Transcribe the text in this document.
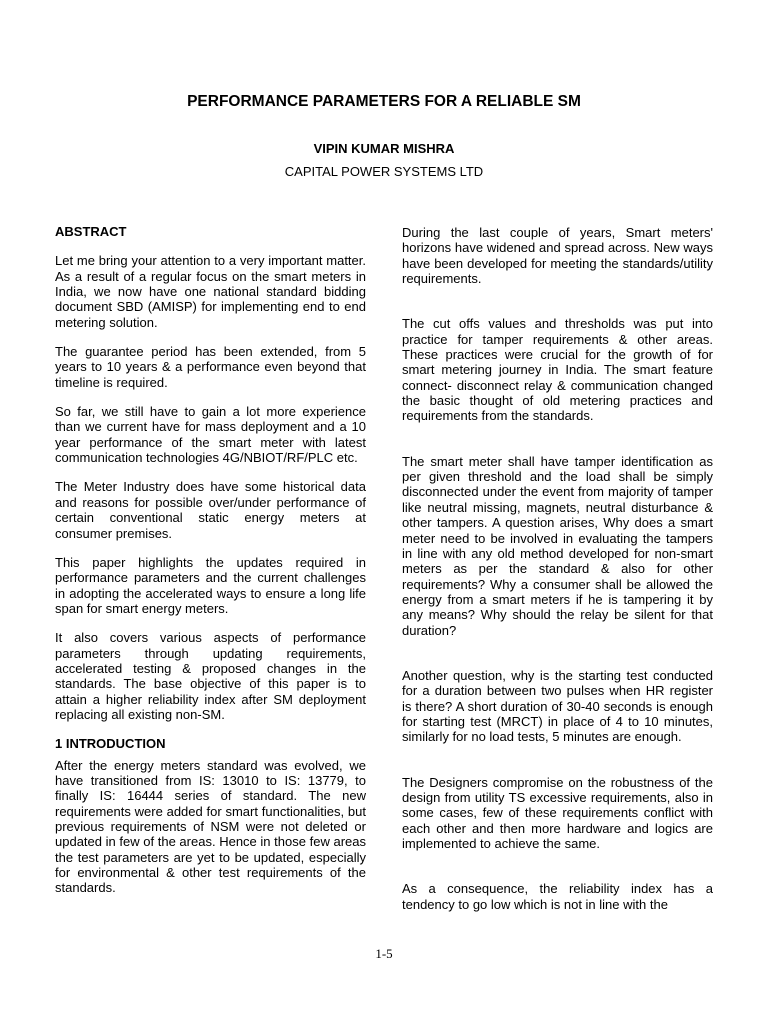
PERFORMANCE PARAMETERS FOR A RELIABLE SM
VIPIN KUMAR MISHRA
CAPITAL POWER SYSTEMS LTD
ABSTRACT

Let me bring your attention to a very important matter. As a result of a regular focus on the smart meters in India, we now have one national standard bidding document SBD (AMISP) for implementing end to end metering solution.

The guarantee period has been extended, from 5 years to 10 years & a performance even beyond that timeline is required.

So far, we still have to gain a lot more experience than we current have for mass deployment and a 10 year performance of the smart meter with latest communication technologies 4G/NBIOT/RF/PLC etc.

The Meter Industry does have some historical data and reasons for possible over/under performance of certain conventional static energy meters at consumer premises.

This paper highlights the updates required in performance parameters and the current challenges in adopting the accelerated ways to ensure a long life span for smart energy meters.

It also covers various aspects of performance parameters through updating requirements, accelerated testing & proposed changes in the standards. The base objective of this paper is to attain a higher reliability index after SM deployment replacing all existing non-SM.

1 INTRODUCTION

After the energy meters standard was evolved, we have transitioned from IS: 13010 to IS: 13779, to finally IS: 16444 series of standard. The new requirements were added for smart functionalities, but previous requirements of NSM were not deleted or updated in few of the areas. Hence in those few areas the test parameters are yet to be updated, especially for environmental & other test requirements of the standards.

During the last couple of years, Smart meters' horizons have widened and spread across. New ways have been developed for meeting the standards/utility requirements.

The cut offs values and thresholds was put into practice for tamper requirements & other areas. These practices were crucial for the growth of for smart metering journey in India. The smart feature connect- disconnect relay & communication changed the basic thought of old metering practices and requirements from the standards.

The smart meter shall have tamper identification as per given threshold and the load shall be simply disconnected under the event from majority of tamper like neutral missing, magnets, neutral disturbance & other tampers. A question arises, Why does a smart meter need to be involved in evaluating the tampers in line with any old method developed for non-smart meters as per the standard & also for other requirements? Why a consumer shall be allowed the energy from a smart meters if he is tampering it by any means? Why should the relay be silent for that duration?

Another question, why is the starting test conducted for a duration between two pulses when HR register is there? A short duration of 30-40 seconds is enough for starting test (MRCT) in place of 4 to 10 minutes, similarly for no load tests, 5 minutes are enough.

The Designers compromise on the robustness of the design from utility TS excessive requirements, also in some cases, few of these requirements conflict with each other and then more hardware and logics are implemented to achieve the same.

As a consequence, the reliability index has a tendency to go low which is not in line with the

1-5
